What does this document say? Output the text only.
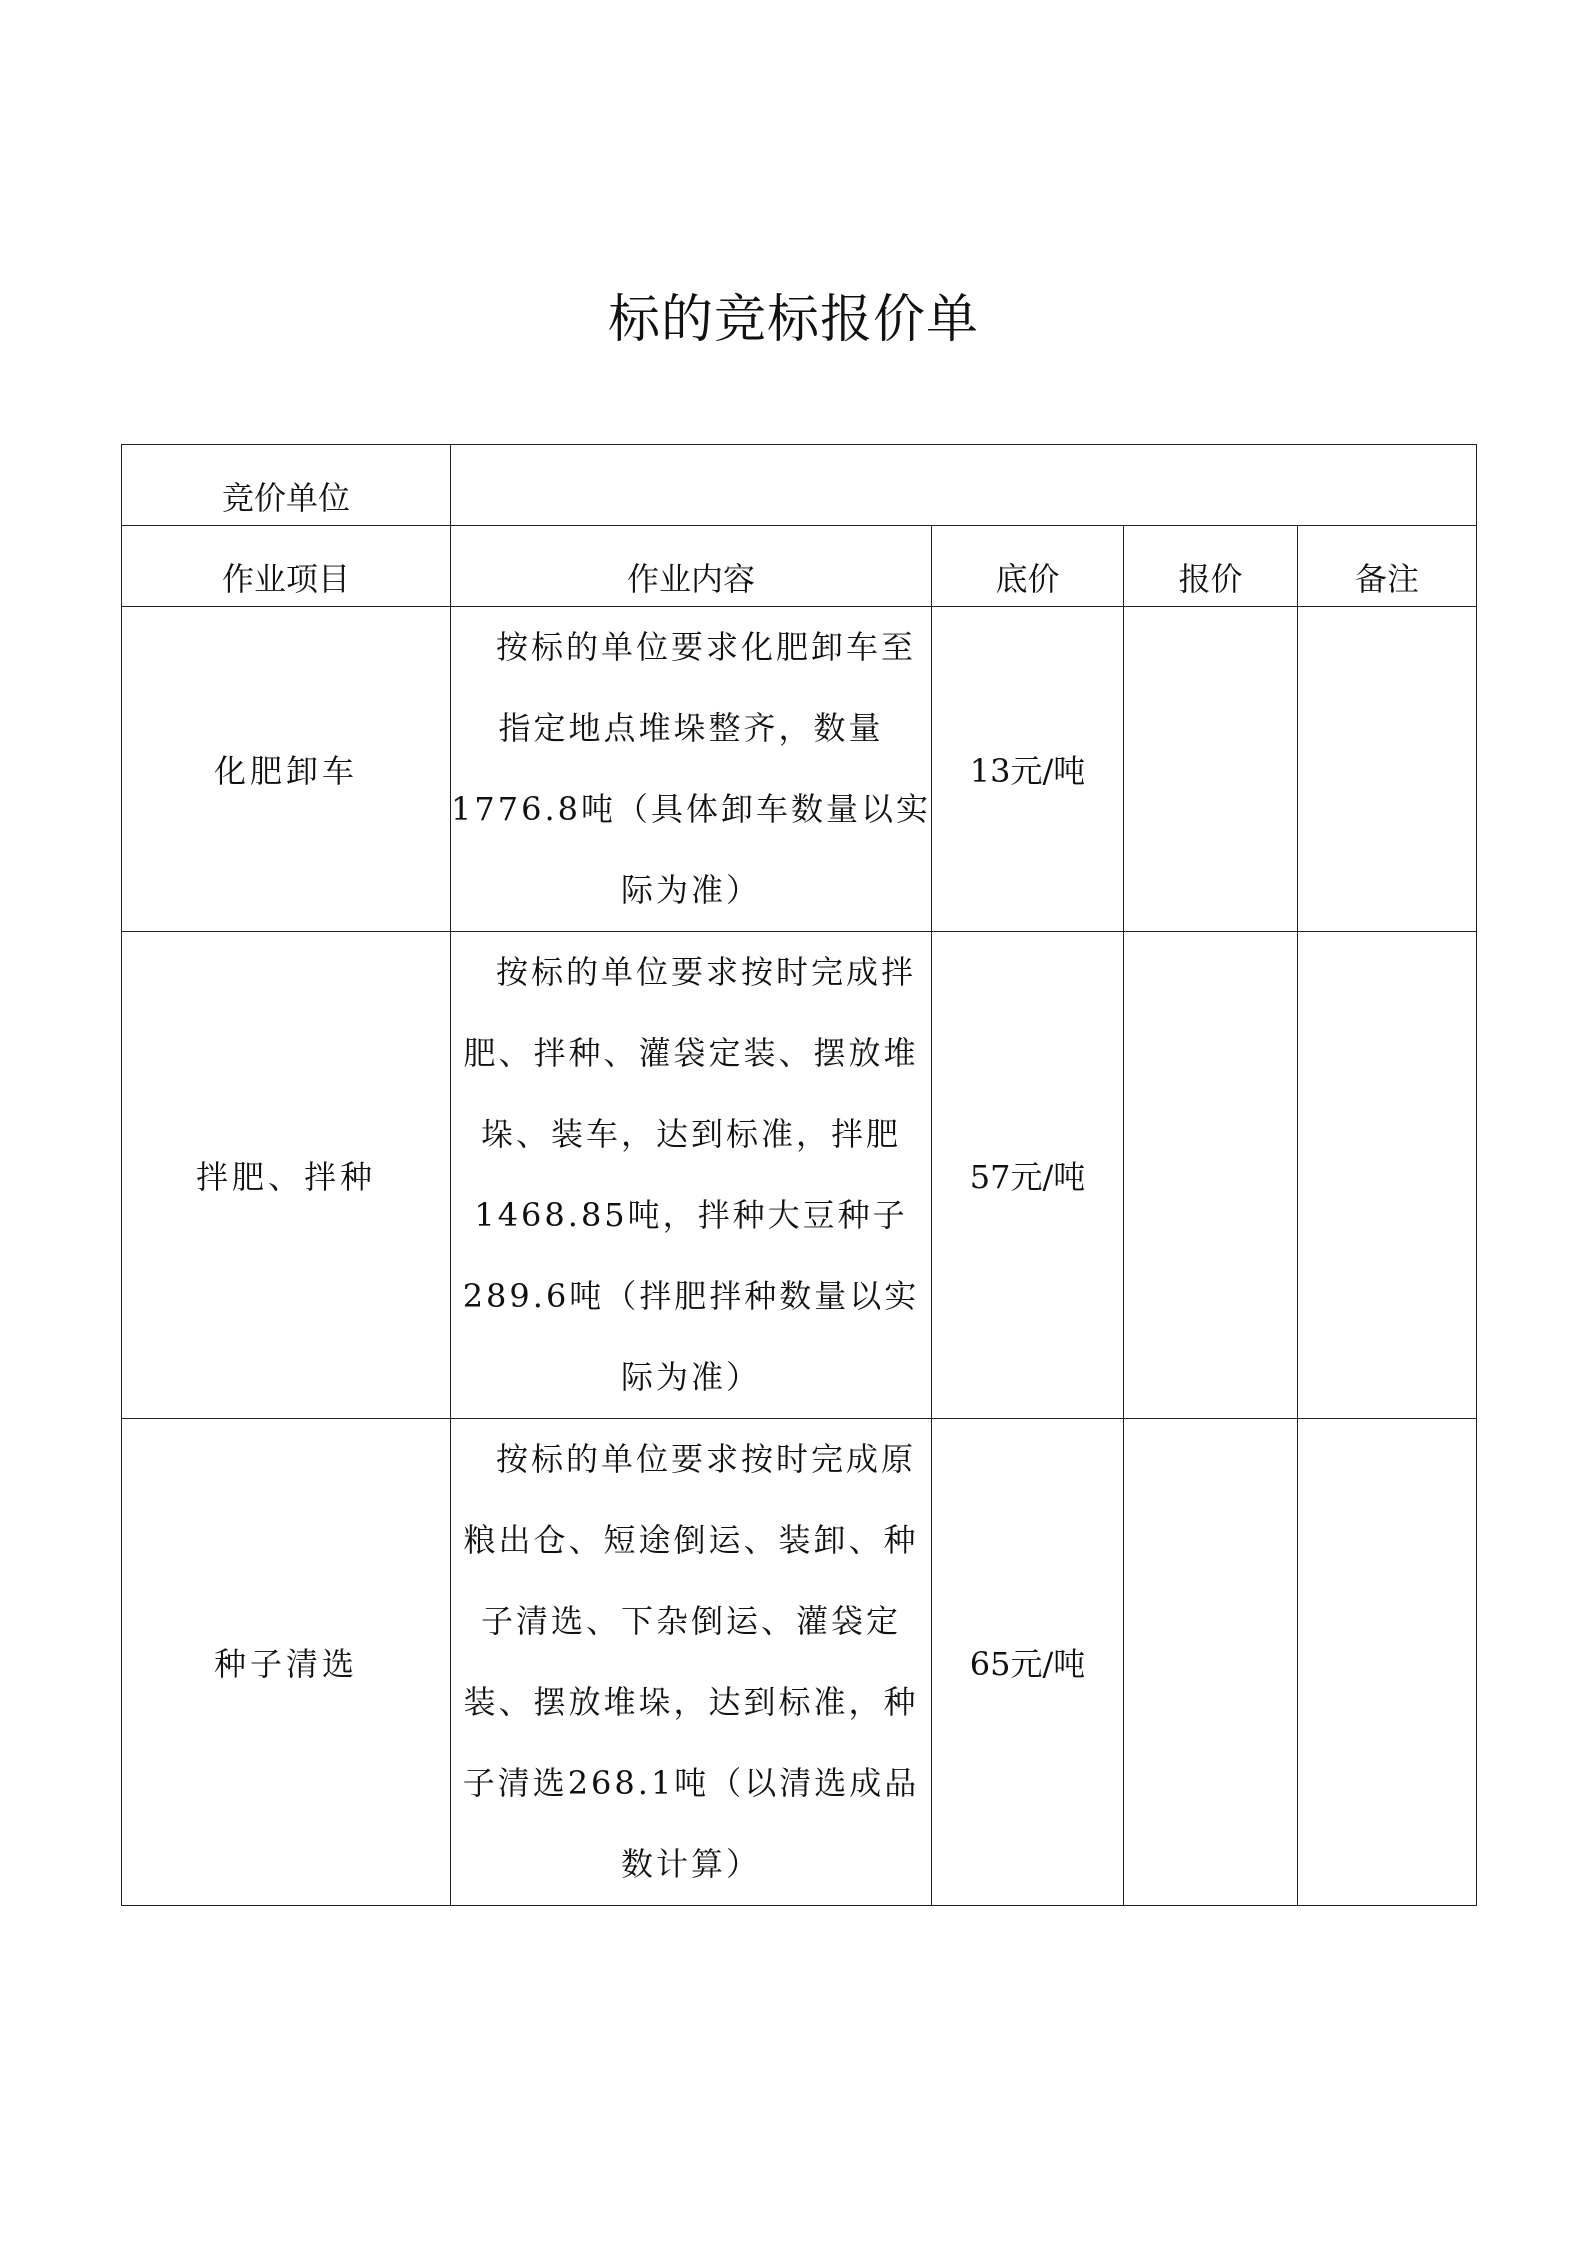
标的竞标报价单
竞价单位				
作业项目	作业内容	底价	报价	备注
化肥卸车	按标的单位要求化肥卸车至指定地点堆垛整齐，数量1776.8吨（具体卸车数量以实际为准）	13元/吨		
拌肥、拌种	按标的单位要求按时完成拌肥、拌种、灌袋定装、摆放堆垛、装车，达到标准，拌肥1468.85吨，拌种大豆种子289.6吨（拌肥拌种数量以实际为准）	57元/吨		
种子清选	按标的单位要求按时完成原粮出仓、短途倒运、装卸、种子清选、下杂倒运、灌袋定装、摆放堆垛，达到标准，种子清选268.1吨（以清选成品数计算）	65元/吨		
